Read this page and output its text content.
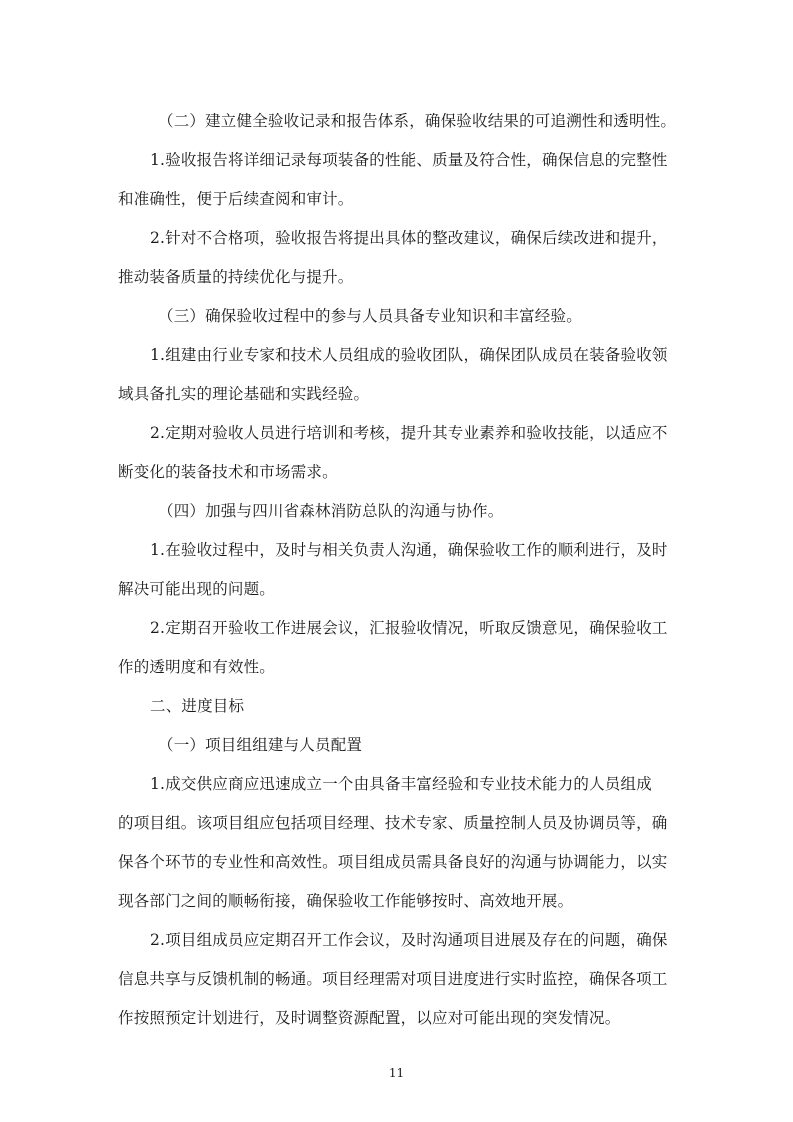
（二）建立健全验收记录和报告体系，确保验收结果的可追溯性和透明性。
1.验收报告将详细记录每项装备的性能、质量及符合性，确保信息的完整性
和准确性，便于后续查阅和审计。
2.针对不合格项，验收报告将提出具体的整改建议，确保后续改进和提升，
推动装备质量的持续优化与提升。
（三）确保验收过程中的参与人员具备专业知识和丰富经验。
1.组建由行业专家和技术人员组成的验收团队，确保团队成员在装备验收领
域具备扎实的理论基础和实践经验。
2.定期对验收人员进行培训和考核，提升其专业素养和验收技能，以适应不
断变化的装备技术和市场需求。
（四）加强与四川省森林消防总队的沟通与协作。
1.在验收过程中，及时与相关负责人沟通，确保验收工作的顺利进行，及时
解决可能出现的问题。
2.定期召开验收工作进展会议，汇报验收情况，听取反馈意见，确保验收工
作的透明度和有效性。
二、进度目标
（一）项目组组建与人员配置
1.成交供应商应迅速成立一个由具备丰富经验和专业技术能力的人员组成
的项目组。该项目组应包括项目经理、技术专家、质量控制人员及协调员等，确
保各个环节的专业性和高效性。项目组成员需具备良好的沟通与协调能力，以实
现各部门之间的顺畅衔接，确保验收工作能够按时、高效地开展。
2.项目组成员应定期召开工作会议，及时沟通项目进展及存在的问题，确保
信息共享与反馈机制的畅通。项目经理需对项目进度进行实时监控，确保各项工
作按照预定计划进行，及时调整资源配置，以应对可能出现的突发情况。
11
